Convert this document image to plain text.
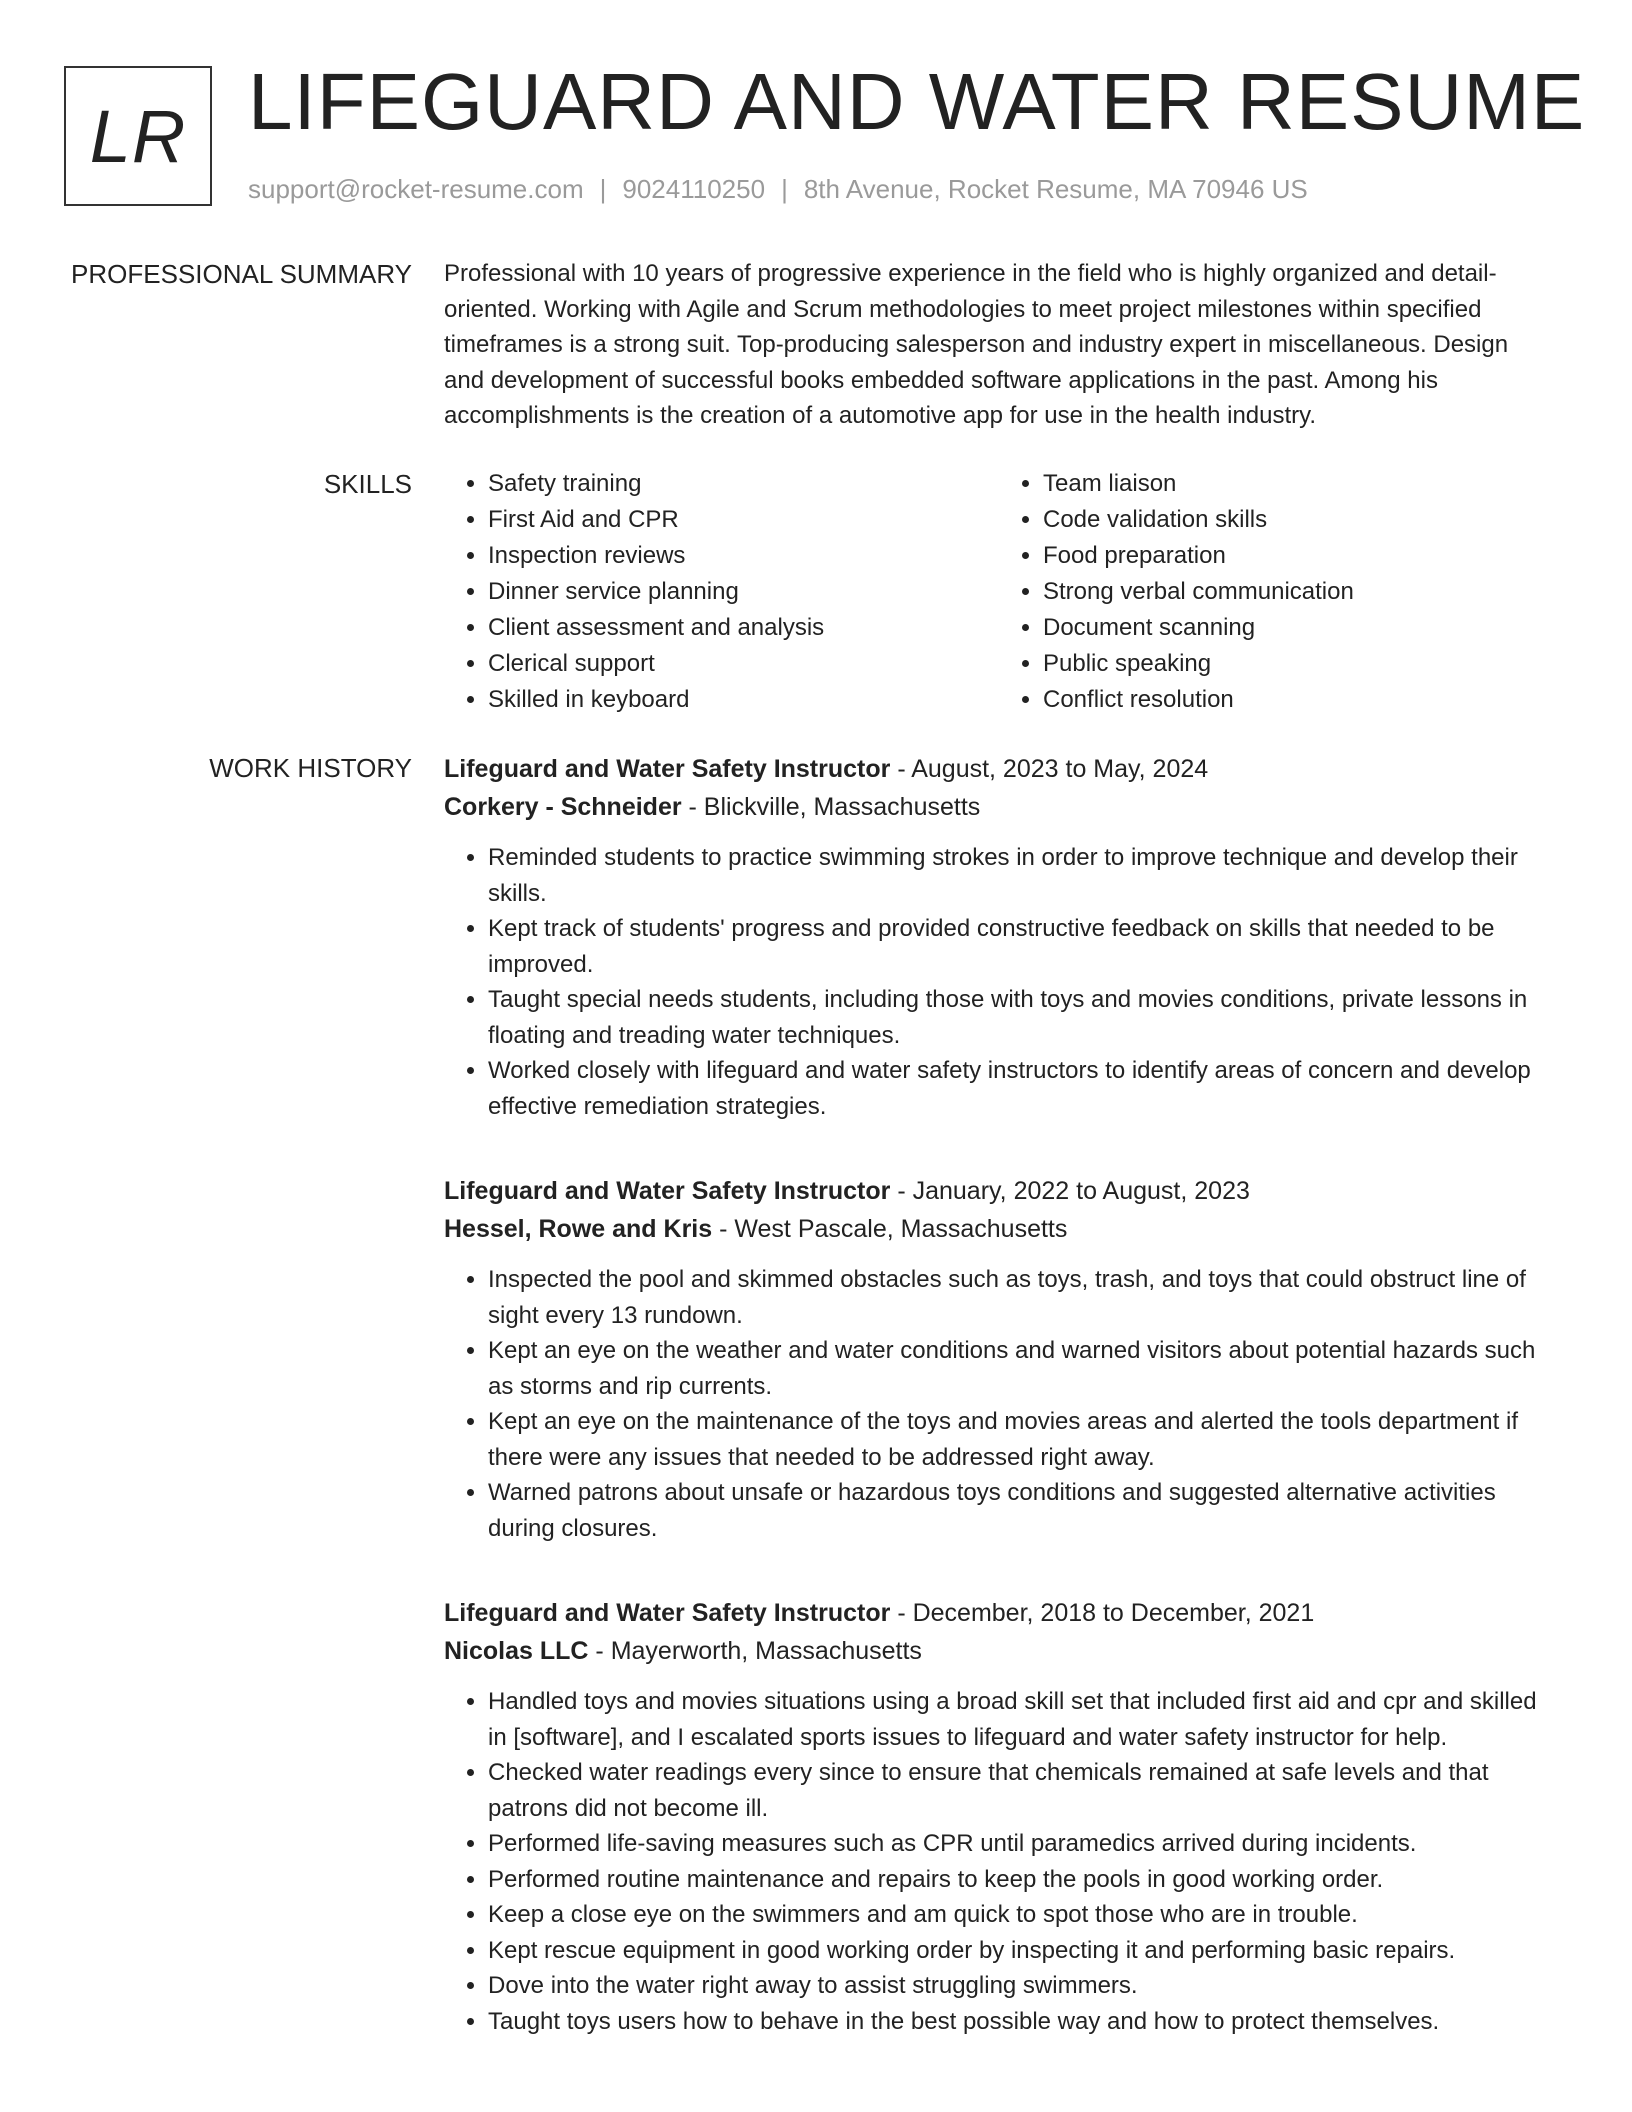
LR LIFEGUARD AND WATER RESUME
support@rocket-resume.com | 9024110250 | 8th Avenue, Rocket Resume, MA 70946 US
PROFESSIONAL SUMMARY Professional with 10 years of progressive experience in the field who is highly organized and detail-oriented. Working with Agile and Scrum methodologies to meet project milestones within specified timeframes is a strong suit. Top-producing salesperson and industry expert in miscellaneous. Design and development of successful books embedded software applications in the past. Among his accomplishments is the creation of a automotive app for use in the health industry.

SKILLS
•	Safety training
• First Aid and CPR
• Inspection reviews
• Dinner service planning
• Client assessment and analysis
• Clerical support
• Skilled in keyboard
• Team liaison
• Code validation skills
• Food preparation
• Strong verbal communication
• Document scanning
• Public speaking
• Conflict resolution
WORK HISTORY Lifeguard and Water Safety Instructor - August, 2023 to May, 2024
Corkery - Schneider - Blickville, Massachusetts
• Reminded students to practice swimming strokes in order to improve technique and develop their skills.
• Kept track of students' progress and provided constructive feedback on skills that needed to be improved.
• Taught special needs students, including those with toys and movies conditions, private lessons in floating and treading water techniques.
• Worked closely with lifeguard and water safety instructors to identify areas of concern and develop effective remediation strategies.
Lifeguard and Water Safety Instructor - January, 2022 to August, 2023
Hessel, Rowe and Kris - West Pascale, Massachusetts
• Inspected the pool and skimmed obstacles such as toys, trash, and toys that could obstruct line of sight every 13 rundown.
• Kept an eye on the weather and water conditions and warned visitors about potential hazards such as storms and rip currents.
• Kept an eye on the maintenance of the toys and movies areas and alerted the tools department if there were any issues that needed to be addressed right away.
• Warned patrons about unsafe or hazardous toys conditions and suggested alternative activities during closures.
Lifeguard and Water Safety Instructor - December, 2018 to December, 2021
Nicolas LLC - Mayerworth, Massachusetts
• Handled toys and movies situations using a broad skill set that included first aid and cpr and skilled in [software], and I escalated sports issues to lifeguard and water safety instructor for help.
• Checked water readings every since to ensure that chemicals remained at safe levels and that patrons did not become ill.
• Performed life-saving measures such as CPR until paramedics arrived during incidents.
• Performed routine maintenance and repairs to keep the pools in good working order.
• Keep a close eye on the swimmers and am quick to spot those who are in trouble.
• Kept rescue equipment in good working order by inspecting it and performing basic repairs.
• Dove into the water right away to assist struggling swimmers.
• Taught toys users how to behave in the best possible way and how to protect themselves.
